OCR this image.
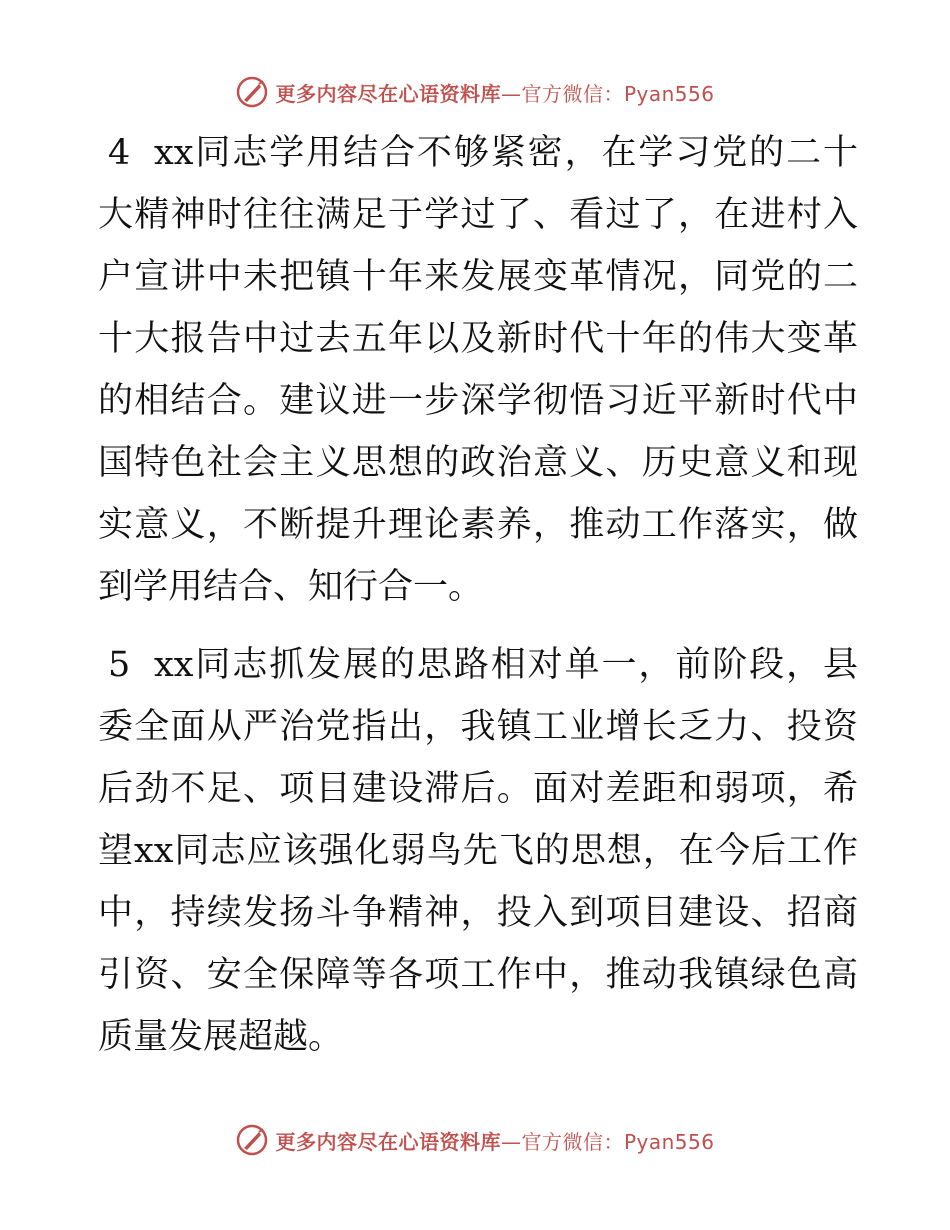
更多内容尽在心语资料库—官方微信：Pyan556

4 xx同志学用结合不够紧密，在学习党的二十大精神时往往满足于学过了、看过了，在进村入户宣讲中未把镇十年来发展变革情况，同党的二十大报告中过去五年以及新时代十年的伟大变革的相结合。建议进一步深学彻悟习近平新时代中国特色社会主义思想的政治意义、历史意义和现实意义，不断提升理论素养，推动工作落实，做到学用结合、知行合一。

5 xx同志抓发展的思路相对单一，前阶段，县委全面从严治党指出，我镇工业增长乏力、投资后劲不足、项目建设滞后。面对差距和弱项，希望xx同志应该强化弱鸟先飞的思想，在今后工作中，持续发扬斗争精神，投入到项目建设、招商引资、安全保障等各项工作中，推动我镇绿色高质量发展超越。

更多内容尽在心语资料库—官方微信：Pyan556
